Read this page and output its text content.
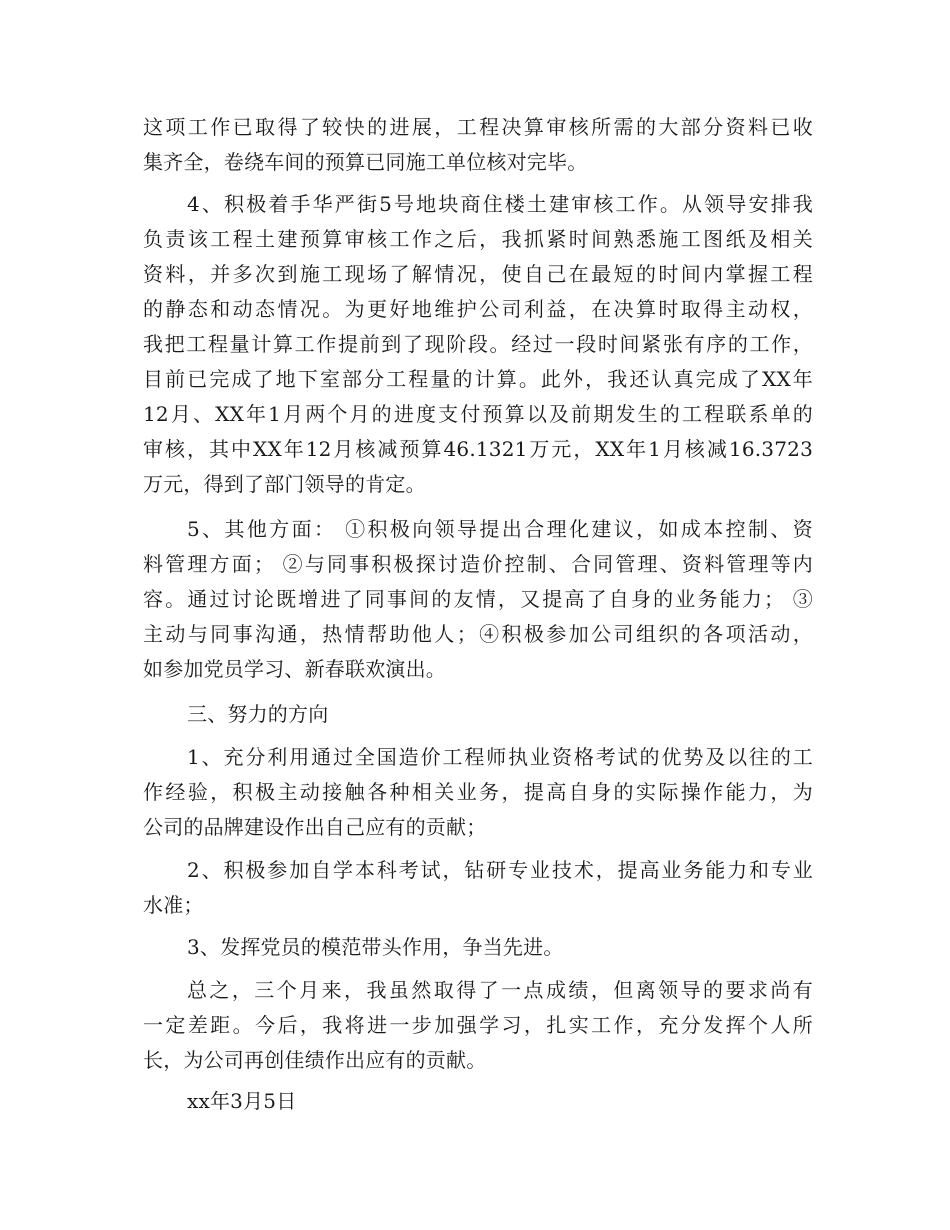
这项工作已取得了较快的进展，工程决算审核所需的大部分资料已收
集齐全，卷绕车间的预算已同施工单位核对完毕。
4、积极着手华严街5号地块商住楼土建审核工作。从领导安排我
负责该工程土建预算审核工作之后，我抓紧时间熟悉施工图纸及相关
资料，并多次到施工现场了解情况，使自己在最短的时间内掌握工程
的静态和动态情况。为更好地维护公司利益，在决算时取得主动权，
我把工程量计算工作提前到了现阶段。经过一段时间紧张有序的工作，
目前已完成了地下室部分工程量的计算。此外，我还认真完成了XX年
12月、XX年1月两个月的进度支付预算以及前期发生的工程联系单的
审核，其中XX年12月核减预算46.1321万元，XX年1月核减16.3723
万元，得到了部门领导的肯定。
5、其他方面： ①积极向领导提出合理化建议，如成本控制、资
料管理方面； ②与同事积极探讨造价控制、合同管理、资料管理等内
容。通过讨论既增进了同事间的友情，又提高了自身的业务能力； ③
主动与同事沟通，热情帮助他人；④积极参加公司组织的各项活动，
如参加党员学习、新春联欢演出。
三、努力的方向
1、充分利用通过全国造价工程师执业资格考试的优势及以往的工
作经验，积极主动接触各种相关业务，提高自身的实际操作能力，为
公司的品牌建设作出自己应有的贡献；
2、积极参加自学本科考试，钻研专业技术，提高业务能力和专业
水准；
3、发挥党员的模范带头作用，争当先进。
总之，三个月来，我虽然取得了一点成绩，但离领导的要求尚有
一定差距。今后，我将进一步加强学习，扎实工作，充分发挥个人所
长，为公司再创佳绩作出应有的贡献。
xx年3月5日
